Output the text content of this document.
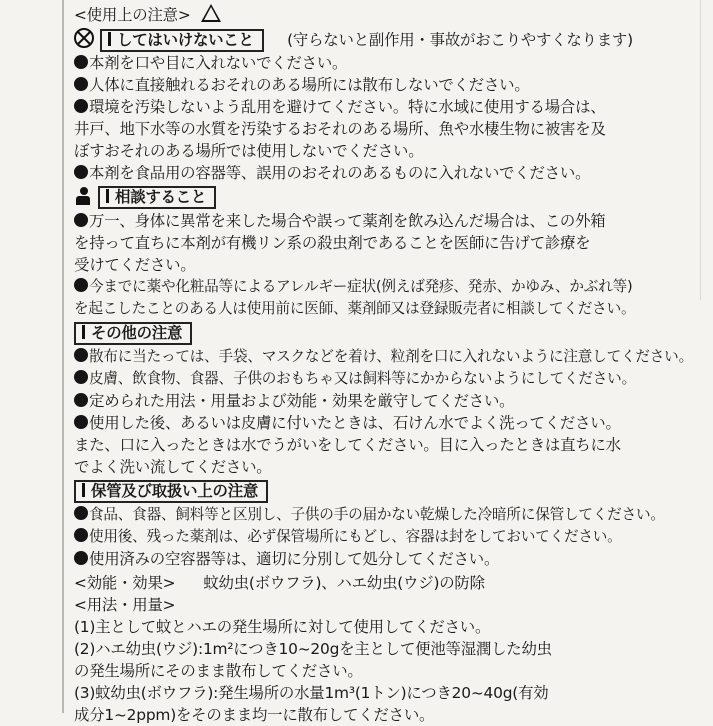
<使用上の注意>
してはいけないこと (守らないと副作用・事故がおこりやすくなります)
本剤を口や目に入れないでください。
人体に直接触れるおそれのある場所には散布しないでください。
環境を汚染しないよう乱用を避けてください。特に水域に使用する場合は、
井戸、地下水等の水質を汚染するおそれのある場所、魚や水棲生物に被害を及
ぼすおそれのある場所では使用しないでください。
本剤を食品用の容器等、誤用のおそれのあるものに入れないでください。
相談すること
万一、身体に異常を来した場合や誤って薬剤を飲み込んだ場合は、この外箱
を持って直ちに本剤が有機リン系の殺虫剤であることを医師に告げて診療を
受けてください。
今までに薬や化粧品等によるアレルギー症状(例えば発疹、発赤、かゆみ、かぶれ等)
を起こしたことのある人は使用前に医師、薬剤師又は登録販売者に相談してください。
その他の注意
散布に当たっては、手袋、マスクなどを着け、粒剤を口に入れないように注意してください。
皮膚、飲食物、食器、子供のおもちゃ又は飼料等にかからないようにしてください。
定められた用法・用量および効能・効果を厳守してください。
使用した後、あるいは皮膚に付いたときは、石けん水でよく洗ってください。
また、口に入ったときは水でうがいをしてください。目に入ったときは直ちに水
でよく洗い流してください。
保管及び取扱い上の注意
食品、食器、飼料等と区別し、子供の手の届かない乾燥した冷暗所に保管してください。
使用後、残った薬剤は、必ず保管場所にもどし、容器は封をしておいてください。
使用済みの空容器等は、適切に分別して処分してください。
<効能・効果> 蚊幼虫(ボウフラ)、ハエ幼虫(ウジ)の防除
<用法・用量>
(1)主として蚊とハエの発生場所に対して使用してください。
(2)ハエ幼虫(ウジ):1m²につき10~20gを主として便池等湿潤した幼虫
の発生場所にそのまま散布してください。
(3)蚊幼虫(ボウフラ):発生場所の水量1m³(1トン)につき20~40g(有効
成分1~2ppm)をそのまま均一に散布してください。
